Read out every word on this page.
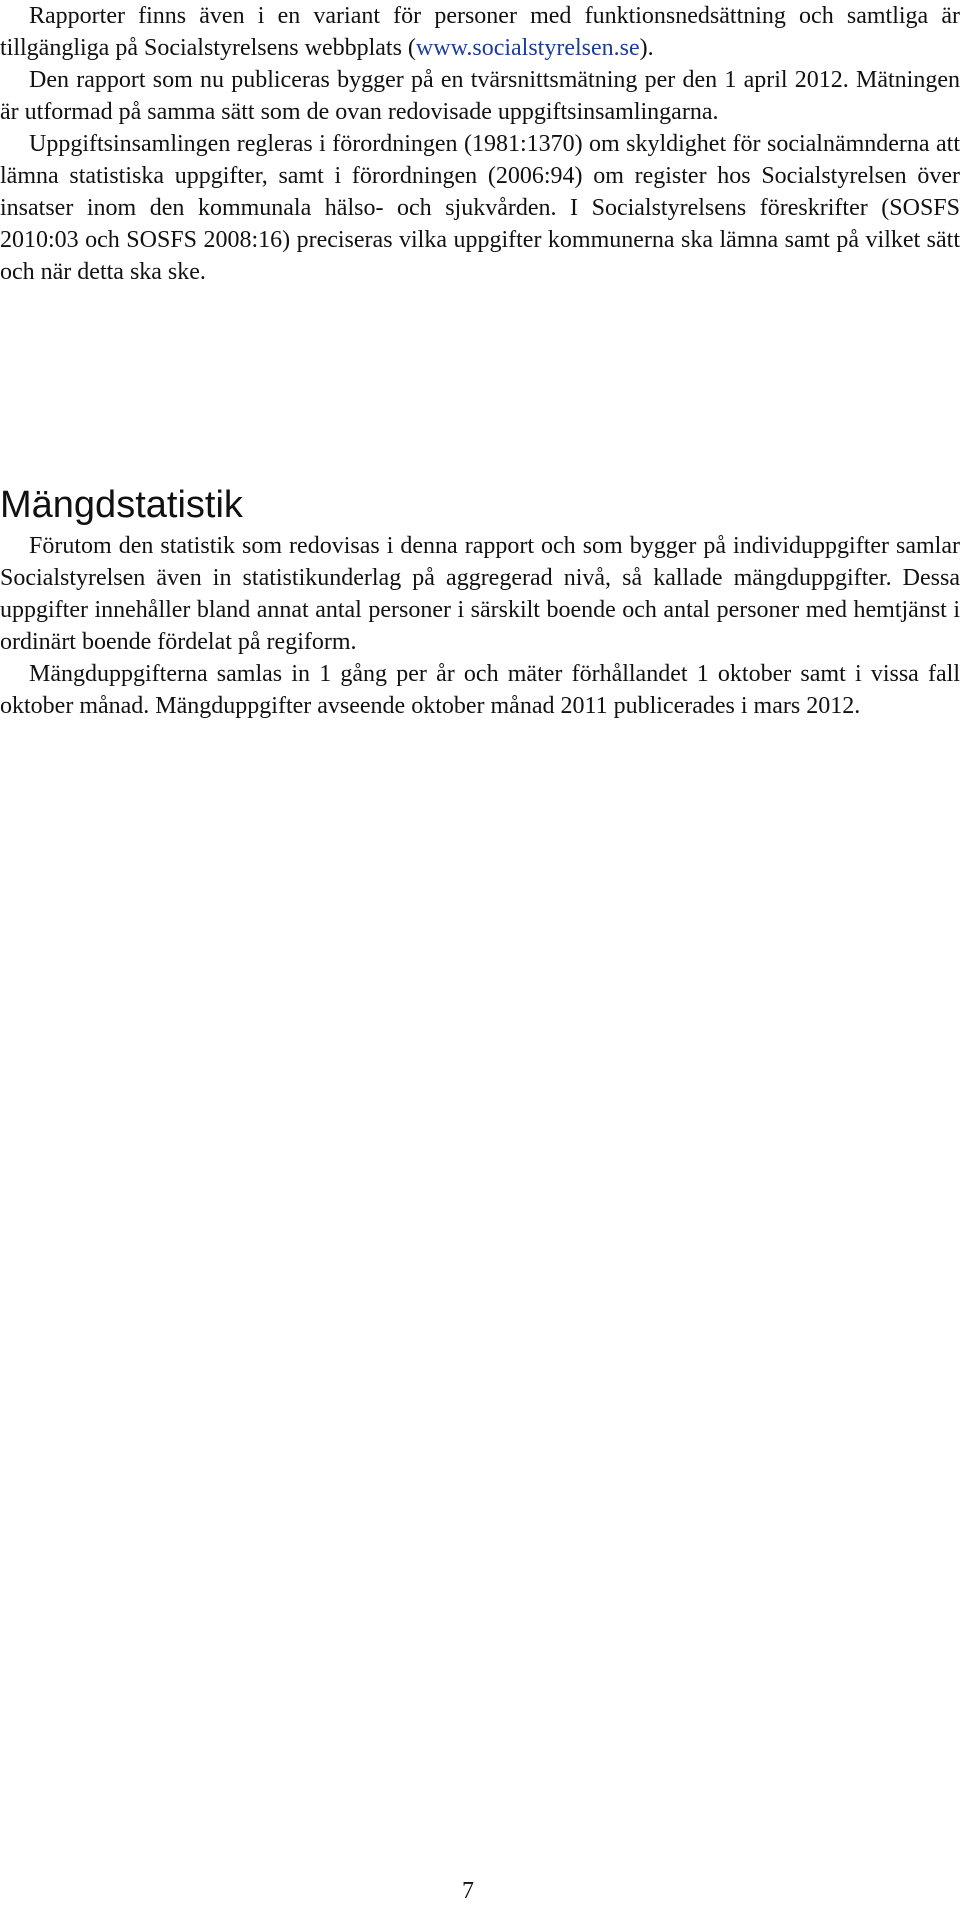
Rapporter finns även i en variant för personer med funktionsnedsättning och samtliga är tillgängliga på Socialstyrelsens webbplats (www.socialstyrelsen.se).

Den rapport som nu publiceras bygger på en tvärsnittsmätning per den 1 april 2012. Mätningen är utformad på samma sätt som de ovan redovisade uppgiftsinsamlingarna.

Uppgiftsinsamlingen regleras i förordningen (1981:1370) om skyldighet för socialnämnderna att lämna statistiska uppgifter, samt i förordningen (2006:94) om register hos Socialstyrelsen över insatser inom den kommunala hälso- och sjukvården. I Socialstyrelsens föreskrifter (SOSFS 2010:03 och SOSFS 2008:16) preciseras vilka uppgifter kommunerna ska lämna samt på vilket sätt och när detta ska ske.

Mängdstatistik

Förutom den statistik som redovisas i denna rapport och som bygger på individuppgifter samlar Socialstyrelsen även in statistikunderlag på aggregerad nivå, så kallade mängduppgifter. Dessa uppgifter innehåller bland annat antal personer i särskilt boende och antal personer med hemtjänst i ordinärt boende fördelat på regiform.

Mängduppgifterna samlas in 1 gång per år och mäter förhållandet 1 oktober samt i vissa fall oktober månad. Mängduppgifter avseende oktober månad 2011 publicerades i mars 2012.

7
